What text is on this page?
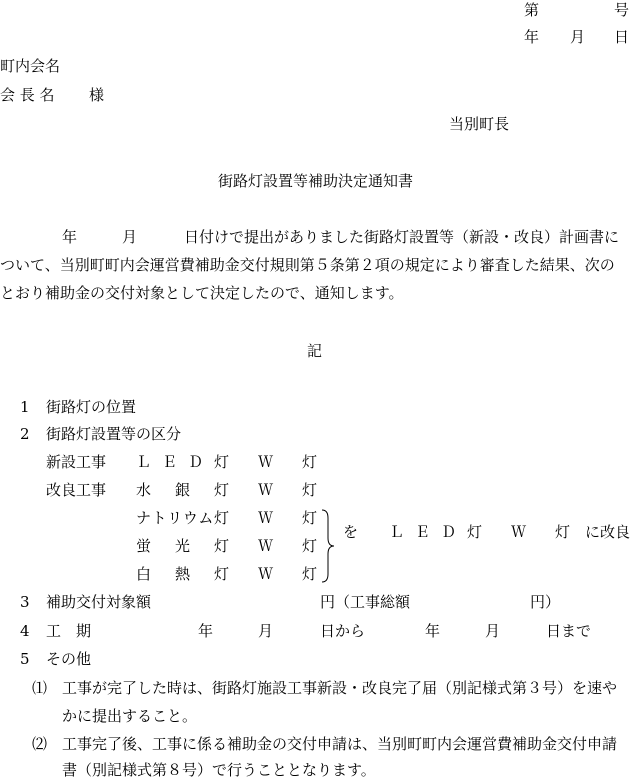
第	号
年 月 日
町内会名
会 長 名 様
当別町長
街路灯設置等補助決定通知書
年	月	日付けで提出がありました街路灯設置等（新設・改良）計画書に
ついて、当別町町内会運営費補助金交付規則第５条第２項の規定により審査した結果、次の
とおり補助金の交付対象として決定したので、通知します。
記
1 街路灯の位置
2 街路灯設置等の区分
新設工事 ＬＥＤ灯 Ｗ 灯
改良工事 水銀灯 Ｗ 灯
ナトリウム灯 Ｗ 灯
蛍光灯 Ｗ 灯
白熱灯 Ｗ 灯
を ＬＥＤ灯 Ｗ 灯 に改良
3 補助交付対象額	円（工事総額	円）
4 工　期	年	月	日から	年	月	日まで
5 その他
⑴ 工事が完了した時は、街路灯施設工事新設・改良完了届（別記様式第３号）を速や
かに提出すること。
⑵ 工事完了後、工事に係る補助金の交付申請は、当別町町内会運営費補助金交付申請
書（別記様式第８号）で行うこととなります。
